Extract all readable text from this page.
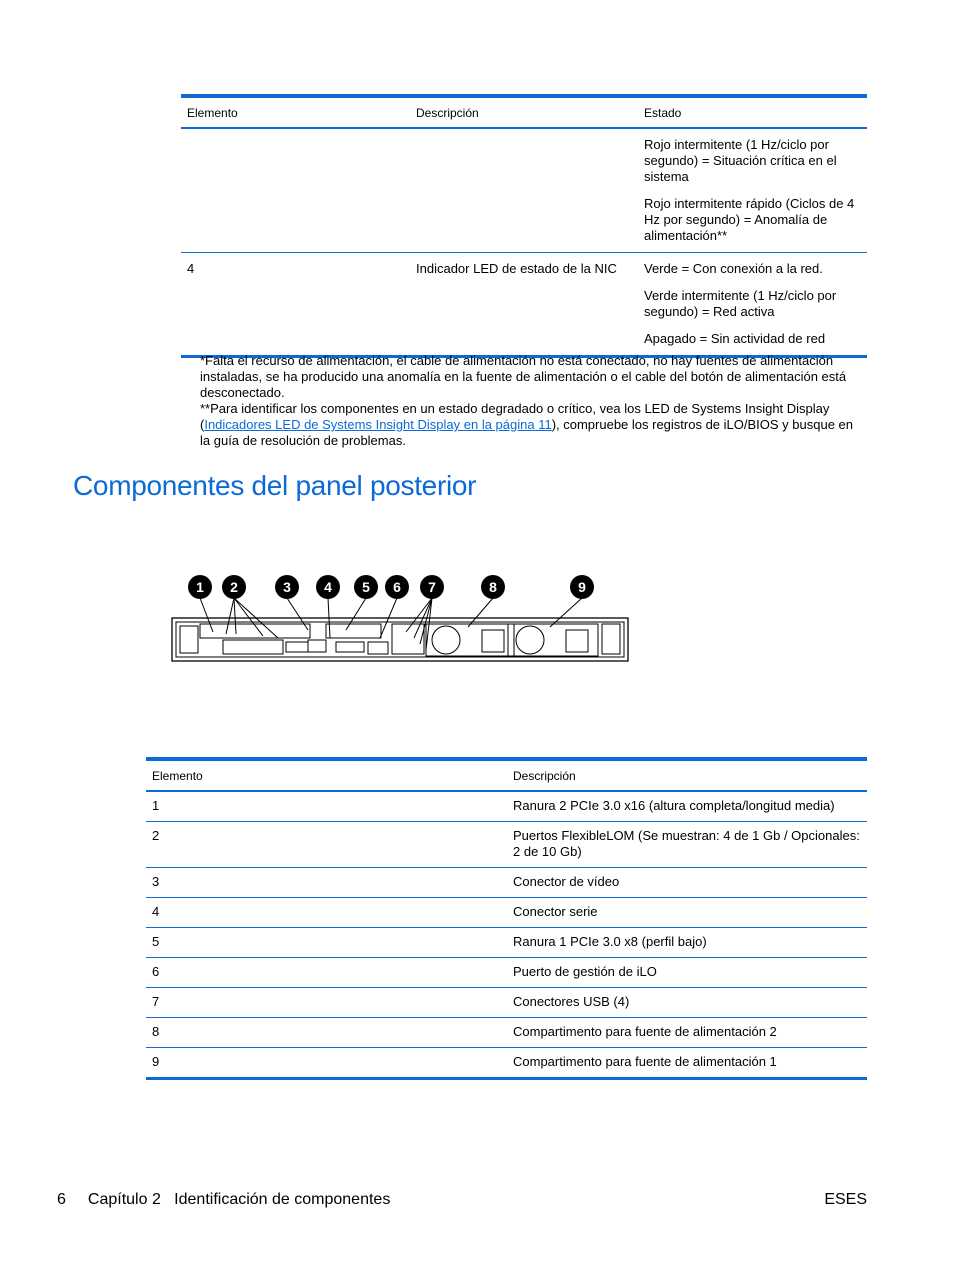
Elemento	Descripción	Estado

		Rojo intermitente (1 Hz/ciclo por segundo) = Situación crítica en el sistema

Rojo intermitente rápido (Ciclos de 4 Hz por segundo) = Anomalía de alimentación**

4	Indicador LED de estado de la NIC	Verde = Con conexión a la red.

Verde intermitente (1 Hz/ciclo por segundo) = Red activa

Apagado = Sin actividad de red

*Falta el recurso de alimentación, el cable de alimentación no está conectado, no hay fuentes de alimentación instaladas, se ha producido una anomalía en la fuente de alimentación o el cable del botón de alimentación está desconectado.

**Para identificar los componentes en un estado degradado o crítico, vea los LED de Systems Insight Display (Indicadores LED de Systems Insight Display en la página 11), compruebe los registros de iLO/BIOS y busque en la guía de resolución de problemas.

Componentes del panel posterior
1 2	3 4 5 6 7	8	9
Elemento	Descripción
1	Ranura 2 PCIe 3.0 x16 (altura completa/longitud media)
2	Puertos FlexibleLOM (Se muestran: 4 de 1 Gb / Opcionales: 2 de 10 Gb)
3	Conector de vídeo
4	Conector serie
5	Ranura 1 PCIe 3.0 x8 (perfil bajo)
6	Puerto de gestión de iLO
7	Conectores USB (4)
8	Compartimento para fuente de alimentación 2
9	Compartimento para fuente de alimentación 1
6 Capítulo 2   Identificación de componentes	ESES
